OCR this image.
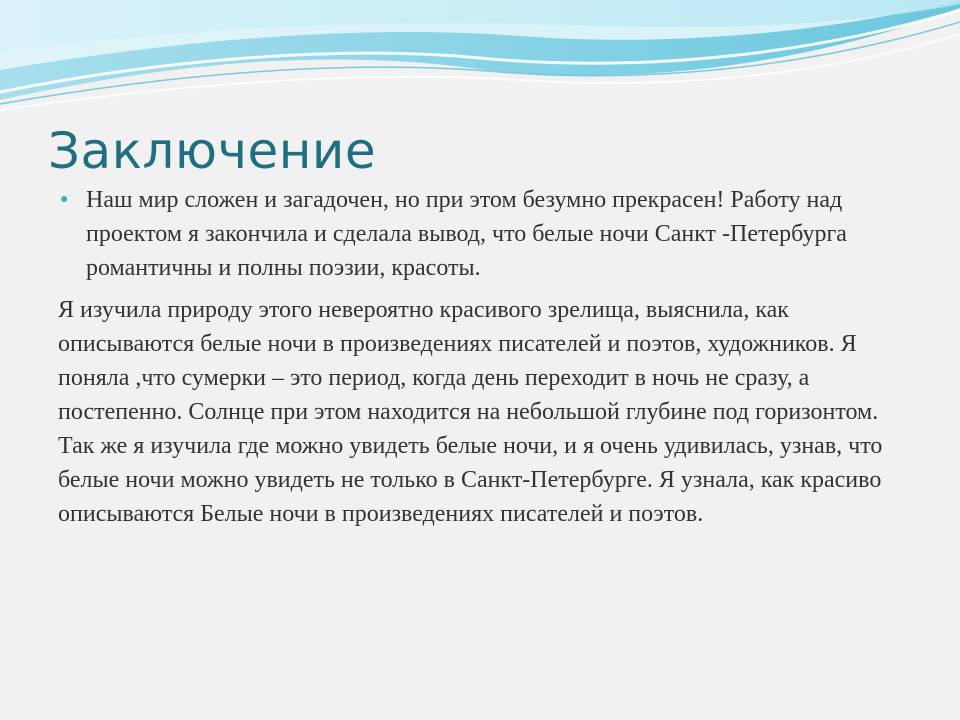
Заключение
● Наш мир сложен и загадочен, но при этом безумно прекрасен! Работу над проектом я закончила и сделала вывод, что белые ночи Санкт -Петербурга романтичны и полны поэзии, красоты.
Я изучила природу этого невероятно красивого зрелища, выяснила, как описываются белые ночи в произведениях писателей и поэтов, художников. Я поняла ,что сумерки – это период, когда день переходит в ночь не сразу, а постепенно. Солнце при этом находится на небольшой глубине под горизонтом. Так же я изучила где можно увидеть белые ночи, и я очень удивилась, узнав, что белые ночи можно увидеть не только в Санкт-Петербурге. Я узнала, как красиво описываются Белые ночи в произведениях писателей и поэтов.
